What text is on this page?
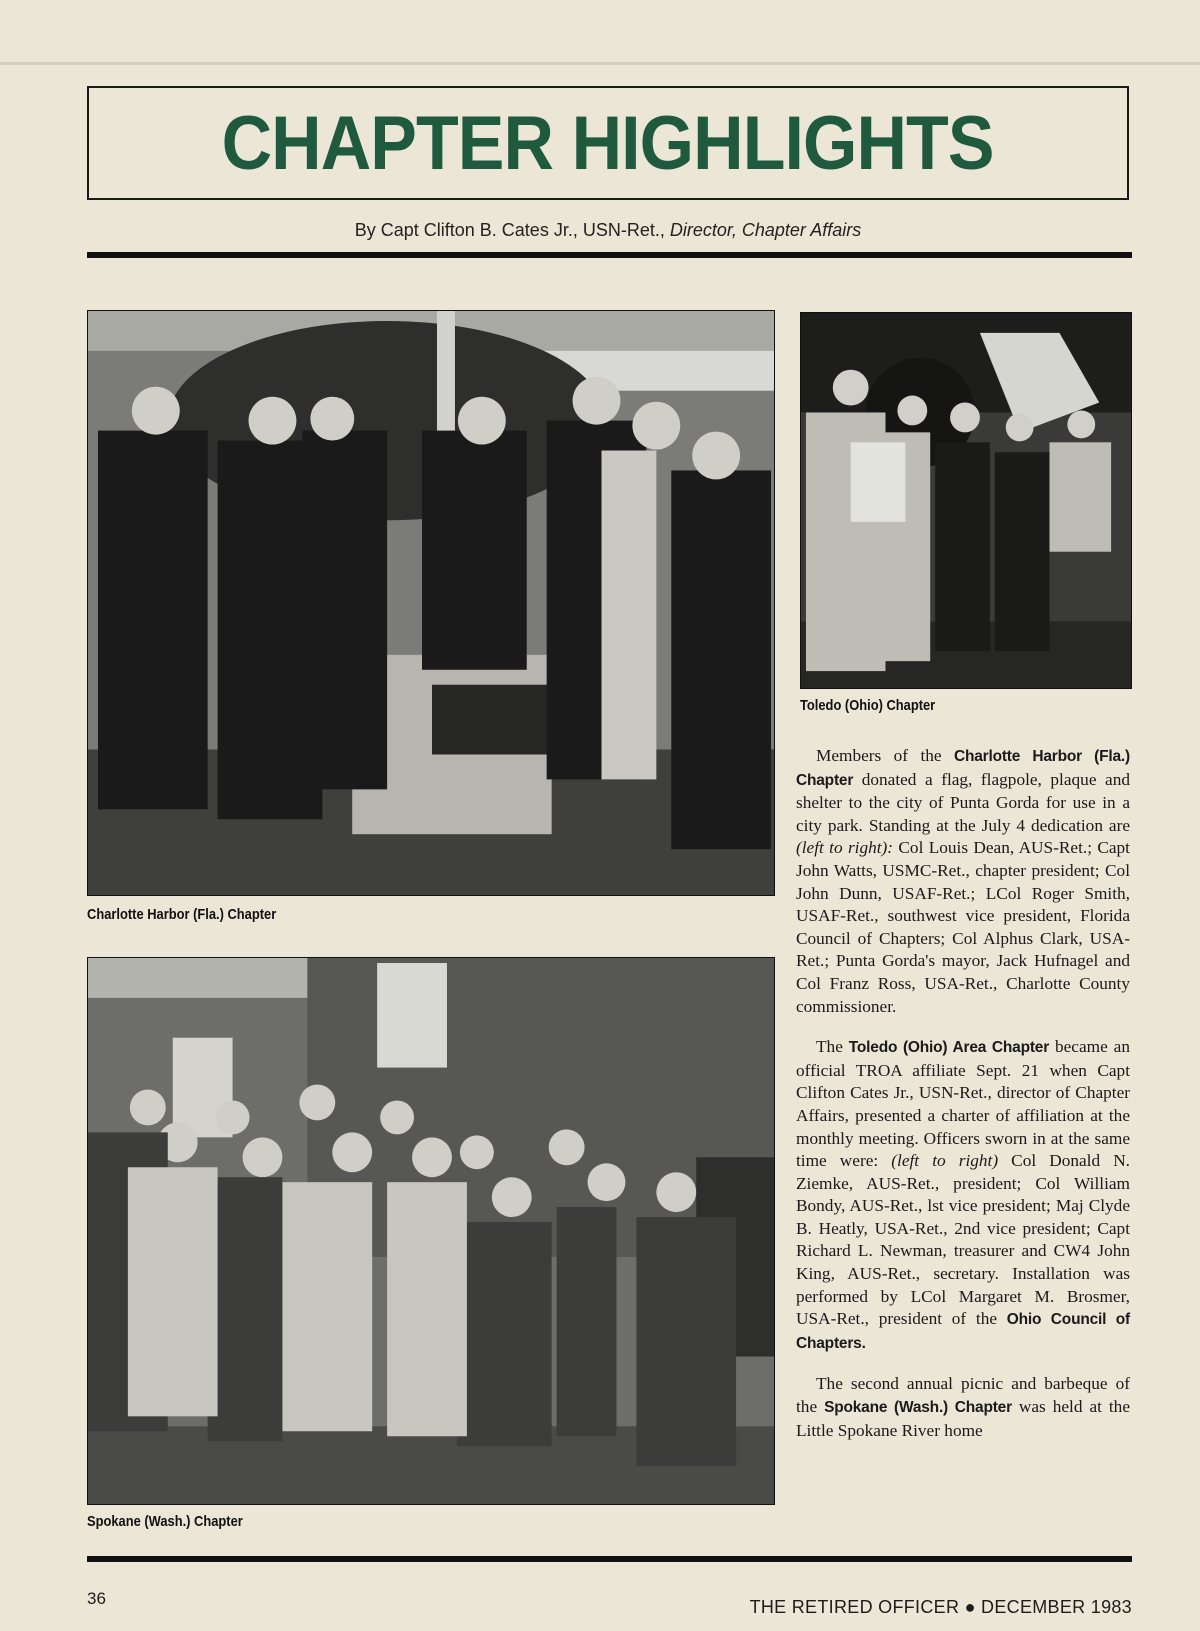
CHAPTER HIGHLIGHTS
By Capt Clifton B. Cates Jr., USN-Ret., Director, Chapter Affairs
Charlotte Harbor (Fla.) Chapter
Toledo (Ohio) Chapter
Spokane (Wash.) Chapter

Members of the Charlotte Harbor (Fla.) Chapter donated a flag, flagpole, plaque and shelter to the city of Punta Gorda for use in a city park. Standing at the July 4 dedication are (left to right): Col Louis Dean, AUS-Ret.; Capt John Watts, USMC-Ret., chapter president; Col John Dunn, USAF-Ret.; LCol Roger Smith, USAF-Ret., southwest vice president, Florida Council of Chapters; Col Alphus Clark, USA-Ret.; Punta Gorda's mayor, Jack Hufnagel and Col Franz Ross, USA-Ret., Charlotte County commissioner.

The Toledo (Ohio) Area Chapter became an official TROA affiliate Sept. 21 when Capt Clifton Cates Jr., USN-Ret., director of Chapter Affairs, presented a charter of affiliation at the monthly meeting. Officers sworn in at the same time were: (left to right) Col Donald N. Ziemke, AUS-Ret., president; Col William Bondy, AUS-Ret., lst vice president; Maj Clyde B. Heatly, USA-Ret., 2nd vice president; Capt Richard L. Newman, treasurer and CW4 John King, AUS-Ret., secretary. Installation was performed by LCol Margaret M. Brosmer, USA-Ret., president of the Ohio Council of Chapters.

The second annual picnic and barbeque of the Spokane (Wash.) Chapter was held at the Little Spokane River home

36	THE RETIRED OFFICER ● DECEMBER 1983
